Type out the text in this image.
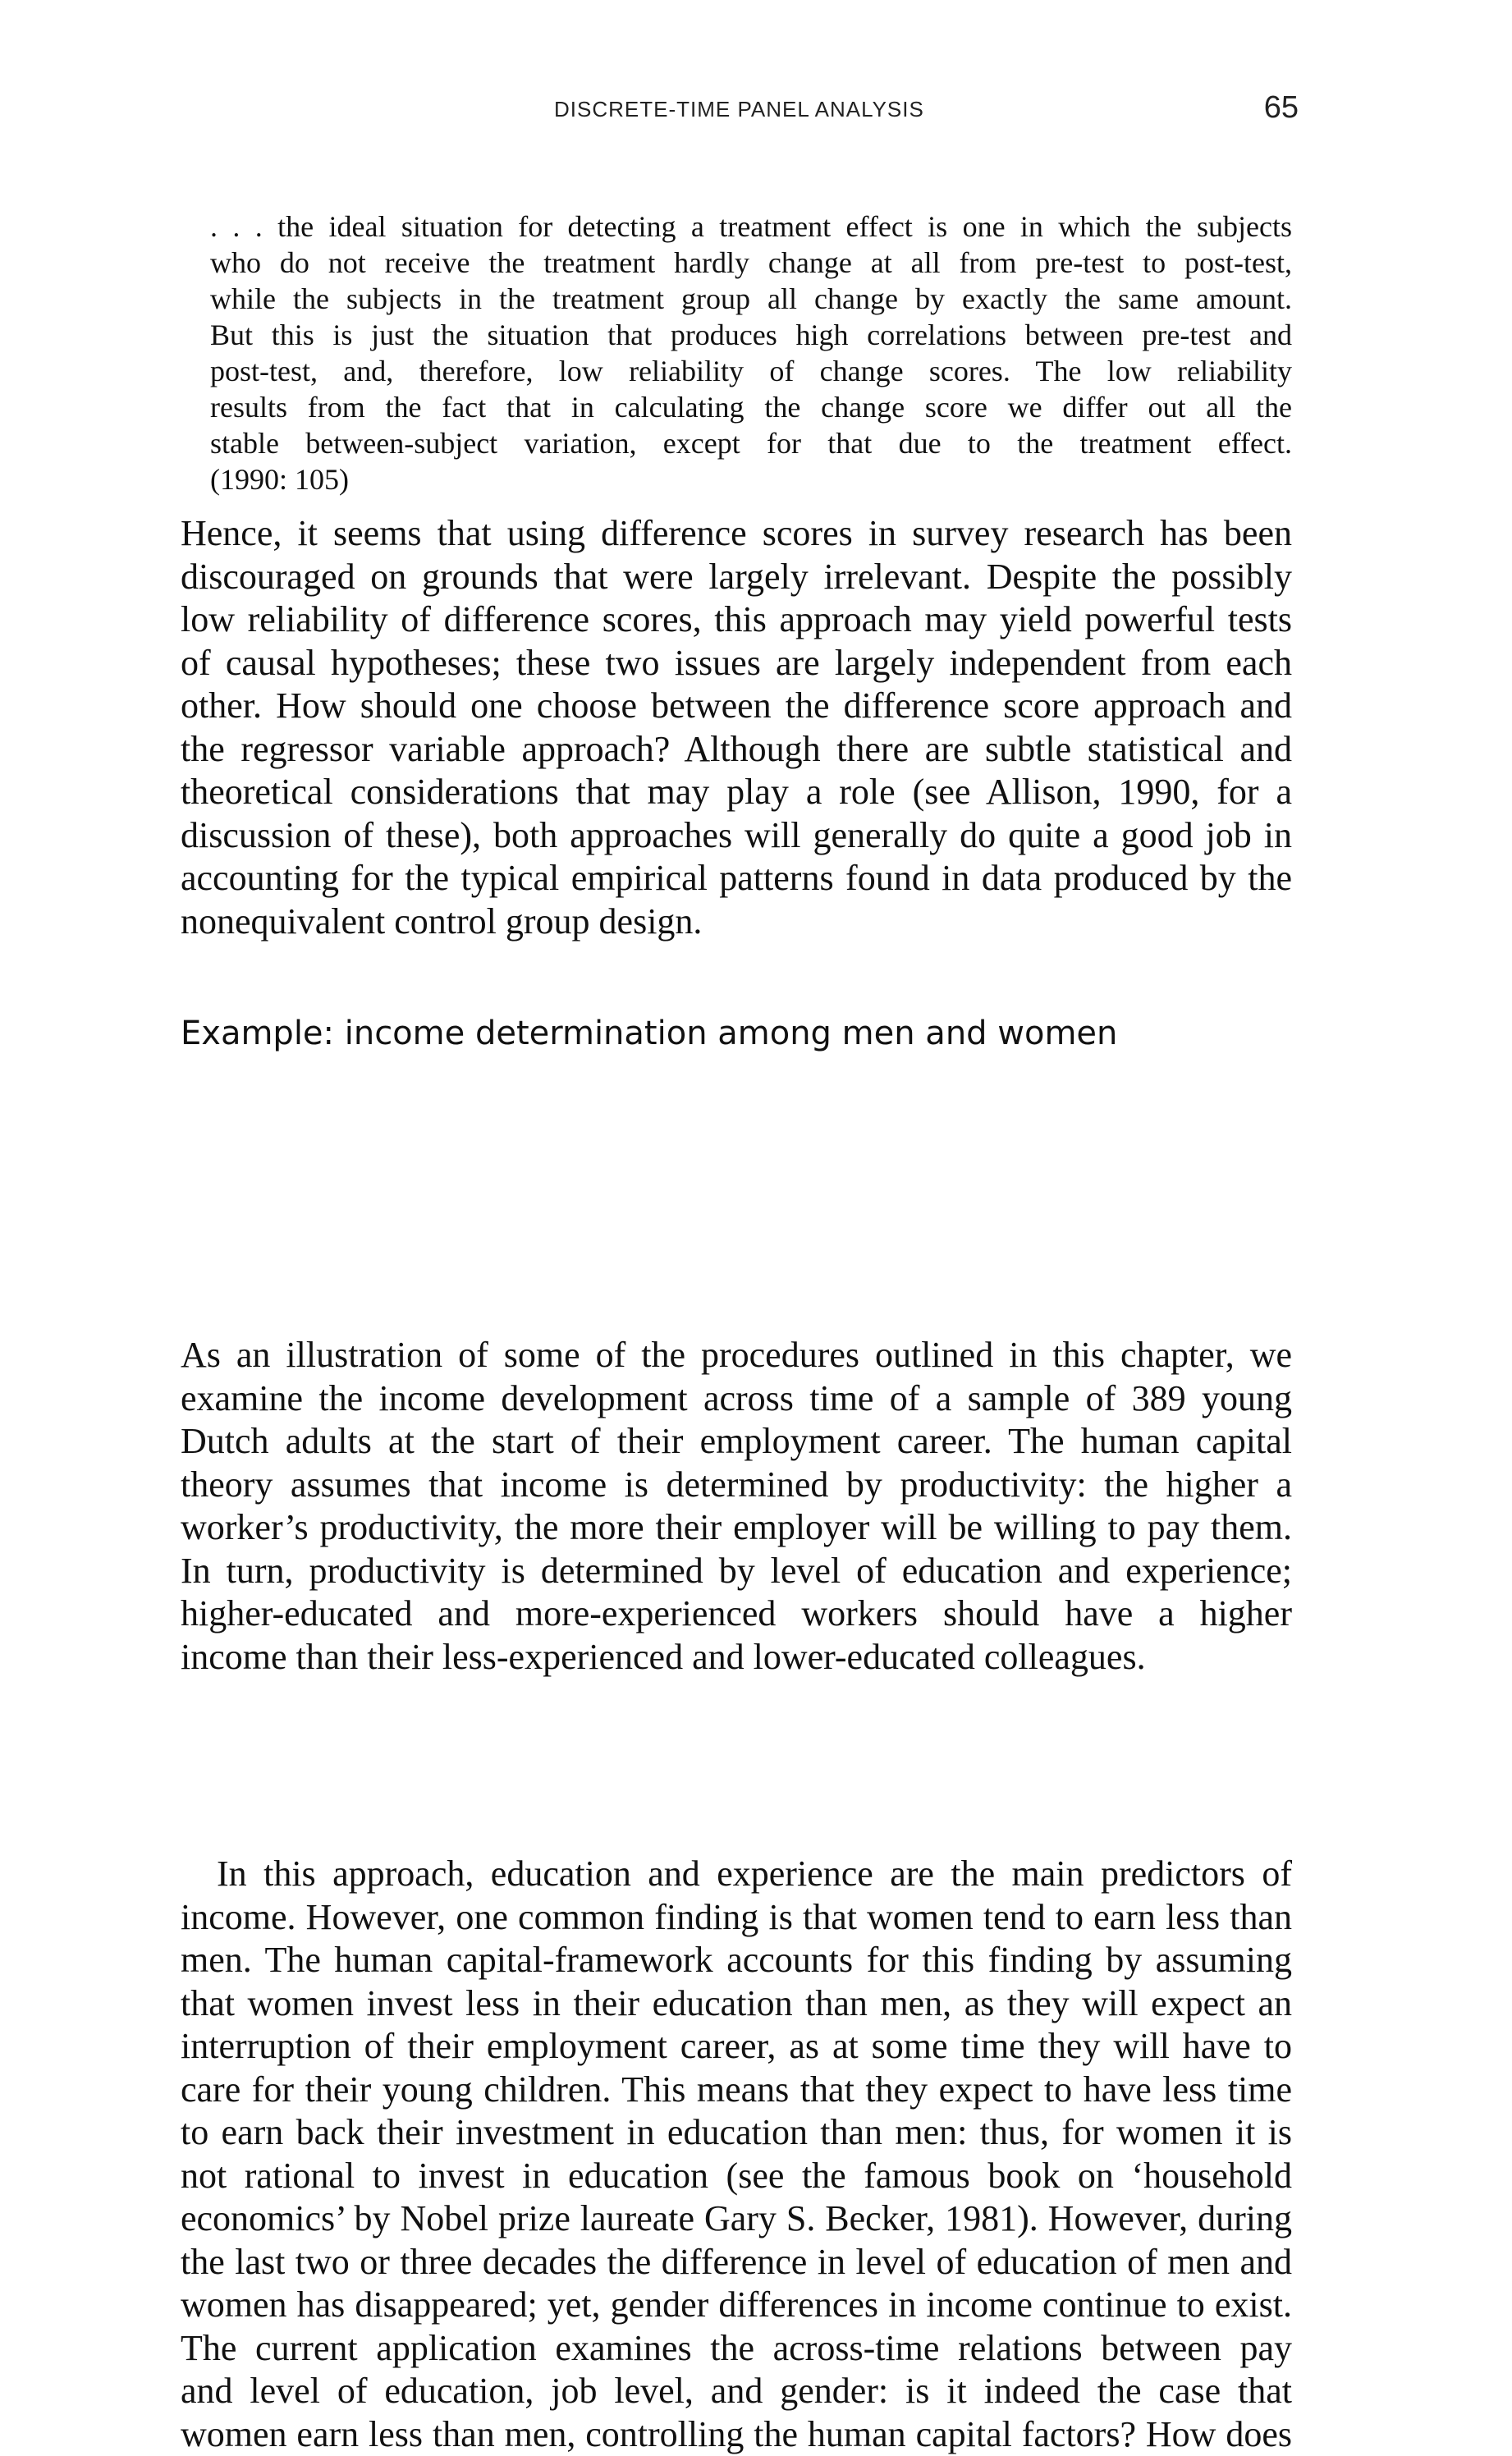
DISCRETE-TIME PANEL ANALYSIS	65
. . . the ideal situation for detecting a treatment effect is one in which the subjects
who do not receive the treatment hardly change at all from pre-test to post-test,
while the subjects in the treatment group all change by exactly the same amount.
But this is just the situation that produces high correlations between pre-test and
post-test, and, therefore, low reliability of change scores. The low reliability
results from the fact that in calculating the change score we differ out all the
stable between-subject variation, except for that due to the treatment effect.
(1990: 105)
Hence, it seems that using difference scores in survey research has been
discouraged on grounds that were largely irrelevant. Despite the possibly
low reliability of difference scores, this approach may yield powerful tests
of causal hypotheses; these two issues are largely independent from each
other. How should one choose between the difference score approach and
the regressor variable approach? Although there are subtle statistical and
theoretical considerations that may play a role (see Allison, 1990, for a
discussion of these), both approaches will generally do quite a good job in
accounting for the typical empirical patterns found in data produced by the
nonequivalent control group design.
Example: income determination among men and women
As an illustration of some of the procedures outlined in this chapter, we
examine the income development across time of a sample of 389 young
Dutch adults at the start of their employment career. The human capital
theory assumes that income is determined by productivity: the higher a
worker’s productivity, the more their employer will be willing to pay them.
In turn, productivity is determined by level of education and experience;
higher-educated and more-experienced workers should have a higher
income than their less-experienced and lower-educated colleagues.
In this approach, education and experience are the main predictors of
income. However, one common finding is that women tend to earn less than
men. The human capital-framework accounts for this finding by assuming
that women invest less in their education than men, as they will expect an
interruption of their employment career, as at some time they will have to
care for their young children. This means that they expect to have less time
to earn back their investment in education than men: thus, for women it is
not rational to invest in education (see the famous book on ‘household
economics’ by Nobel prize laureate Gary S. Becker, 1981). However, during
the last two or three decades the difference in level of education of men and
women has disappeared; yet, gender differences in income continue to exist.
The current application examines the across-time relations between pay
and level of education, job level, and gender: is it indeed the case that
women earn less than men, controlling the human capital factors? How does
